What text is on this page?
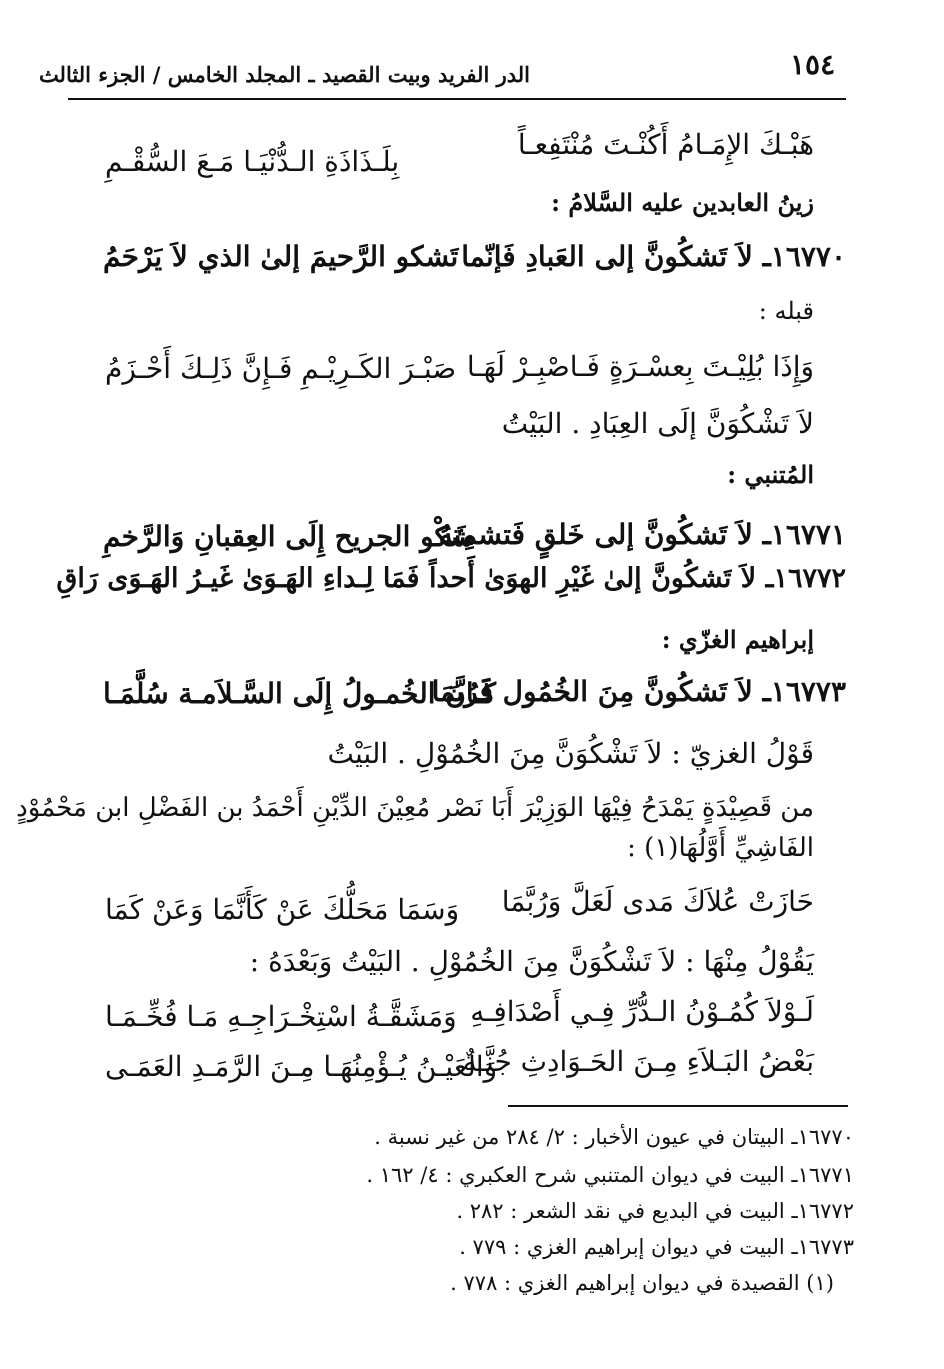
١٥٤
الدر الفريد وبيت القصيد ـ المجلد الخامس / الجزء الثالث
هَبْـكَ الإِمَـامُ أَكُنْـتَ مُنْتَفِعـاً
بِلَـذَاذَةِ الـدُّنْيَـا مَـعَ السُّقْـمِ
زينُ العابدين عليه السَّلامُ :
١٦٧٧٠ـ لاَ تَشكُونَّ إلى العَبادِ فَإنّما
تَشكو الرَّحيمَ إلىٰ الذي لاَ يَرْحَمُ
قبله :
وَإِذَا بُلِيْـتَ بِعسْـرَةٍ فَـاصْبِـرْ لَهَـا
صَبْـرَ الكَـرِيْـمِ فَـإِنَّ ذَلِـكَ أَحْـزَمُ
لاَ تَشْكُوَنَّ إلَى العِبَادِ . البَيْتُ
المُتنبي :
١٦٧٧١ـ لاَ تَشكُونَّ إلى خَلقٍ فَتشمِتهُ
شَكْو الجريح إِلَى العِقبانِ وَالرَّخمِ
١٦٧٧٢ـ لاَ تَشكُونَّ إلىٰ غَيْرِ الهوَىٰ أَحداً فَمَا لِـداءِ الهَـوَىٰ غَيـرُ الهَـوَى رَاقِ
إبراهيم الغزّي :
١٦٧٧٣ـ لاَ تَشكُونَّ مِنَ الخُمُول فَرُبَّمَا
كَـانَ الخُمـولُ إِلَى السَّـلاَمـة سُلَّمَـا
قَوْلُ الغزيّ : لاَ تَشْكُوَنَّ مِنَ الخُمُوْلِ . البَيْتُ
من قَصِيْدَةٍ يَمْدَحُ فِيْهَا الوَزِيْرَ أَبَا نَصْر مُعِيْنَ الدِّيْنِ أَحْمَدُ بن الفَضْلِ ابن مَحْمُوْدٍ
الفَاشِيِّ أَوَّلُهَا(١) :
حَازَتْ عُلاَكَ مَدى لَعَلَّ وَرُبَّمَا
وَسَمَا مَحَلُّكَ عَنْ كَأَنَّمَا وَعَنْ كَمَا
يَقُوْلُ مِنْهَا : لاَ تَشْكُوَنَّ مِنَ الخُمُوْلِ . البَيْتُ وَبَعْدَهُ :
لَـوْلاَ كُمُـوْنُ الـدُّرِّ فِـي أَصْدَافِـهِ
وَمَشَقَّـةُ اسْتِخْـرَاجِـهِ مَـا فُخِّـمَـا
بَعْضُ البَـلاَءِ مِـنَ الحَـوَادِثِ جُنَّـةٌ
وَالعَيْـنُ يُـؤْمِنُهَـا مِـنَ الرَّمَـدِ العَمَـى
١٦٧٧٠ـ البيتان في عيون الأخبار : ٢/ ٢٨٤ من غير نسبة .
١٦٧٧١ـ البيت في ديوان المتنبي شرح العكبري : ٤/ ١٦٢ .
١٦٧٧٢ـ البيت في البديع في نقد الشعر : ٢٨٢ .
١٦٧٧٣ـ البيت في ديوان إبراهيم الغزي : ٧٧٩ .
(١) القصيدة في ديوان إبراهيم الغزي : ٧٧٨ .
